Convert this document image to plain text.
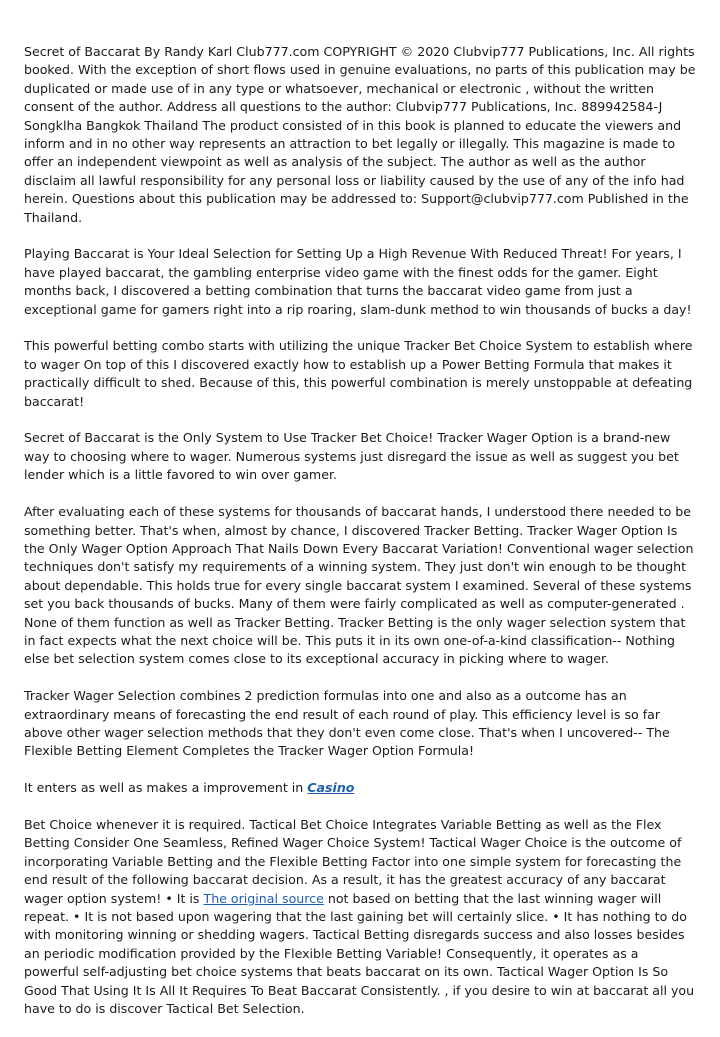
Secret of Baccarat By Randy Karl Club777.com COPYRIGHT © 2020 Clubvip777 Publications, Inc. All rights booked. With the exception of short flows used in genuine evaluations, no parts of this publication may be duplicated or made use of in any type or whatsoever, mechanical or electronic , without the written consent of the author. Address all questions to the author: Clubvip777 Publications, Inc. 889942584-J Songklha Bangkok Thailand The product consisted of in this book is planned to educate the viewers and inform and in no other way represents an attraction to bet legally or illegally. This magazine is made to offer an independent viewpoint as well as analysis of the subject. The author as well as the author disclaim all lawful responsibility for any personal loss or liability caused by the use of any of the info had herein. Questions about this publication may be addressed to: Support@clubvip777.com Published in the Thailand.

Playing Baccarat is Your Ideal Selection for Setting Up a High Revenue With Reduced Threat! For years, I have played baccarat, the gambling enterprise video game with the finest odds for the gamer. Eight months back, I discovered a betting combination that turns the baccarat video game from just a exceptional game for gamers right into a rip roaring, slam-dunk method to win thousands of bucks a day!

This powerful betting combo starts with utilizing the unique Tracker Bet Choice System to establish where to wager On top of this I discovered exactly how to establish up a Power Betting Formula that makes it practically difficult to shed. Because of this, this powerful combination is merely unstoppable at defeating baccarat!

Secret of Baccarat is the Only System to Use Tracker Bet Choice! Tracker Wager Option is a brand-new way to choosing where to wager. Numerous systems just disregard the issue as well as suggest you bet lender which is a little favored to win over gamer.

After evaluating each of these systems for thousands of baccarat hands, I understood there needed to be something better. That's when, almost by chance, I discovered Tracker Betting. Tracker Wager Option Is the Only Wager Option Approach That Nails Down Every Baccarat Variation! Conventional wager selection techniques don't satisfy my requirements of a winning system. They just don't win enough to be thought about dependable. This holds true for every single baccarat system I examined. Several of these systems set you back thousands of bucks. Many of them were fairly complicated as well as computer-generated . None of them function as well as Tracker Betting. Tracker Betting is the only wager selection system that in fact expects what the next choice will be. This puts it in its own one-of-a-kind classification-- Nothing else bet selection system comes close to its exceptional accuracy in picking where to wager.

Tracker Wager Selection combines 2 prediction formulas into one and also as a outcome has an extraordinary means of forecasting the end result of each round of play. This efficiency level is so far above other wager selection methods that they don't even come close. That's when I uncovered-- The Flexible Betting Element Completes the Tracker Wager Option Formula!

It enters as well as makes a improvement in Casino

Bet Choice whenever it is required. Tactical Bet Choice Integrates Variable Betting as well as the Flex Betting Consider One Seamless, Refined Wager Choice System! Tactical Wager Choice is the outcome of incorporating Variable Betting and the Flexible Betting Factor into one simple system for forecasting the end result of the following baccarat decision. As a result, it has the greatest accuracy of any baccarat wager option system! • It is The original source not based on betting that the last winning wager will repeat. • It is not based upon wagering that the last gaining bet will certainly slice. • It has nothing to do with monitoring winning or shedding wagers. Tactical Betting disregards success and also losses besides an periodic modification provided by the Flexible Betting Variable! Consequently, it operates as a powerful self-adjusting bet choice systems that beats baccarat on its own. Tactical Wager Option Is So Good That Using It Is All It Requires To Beat Baccarat Consistently. , if you desire to win at baccarat all you have to do is discover Tactical Bet Selection.
